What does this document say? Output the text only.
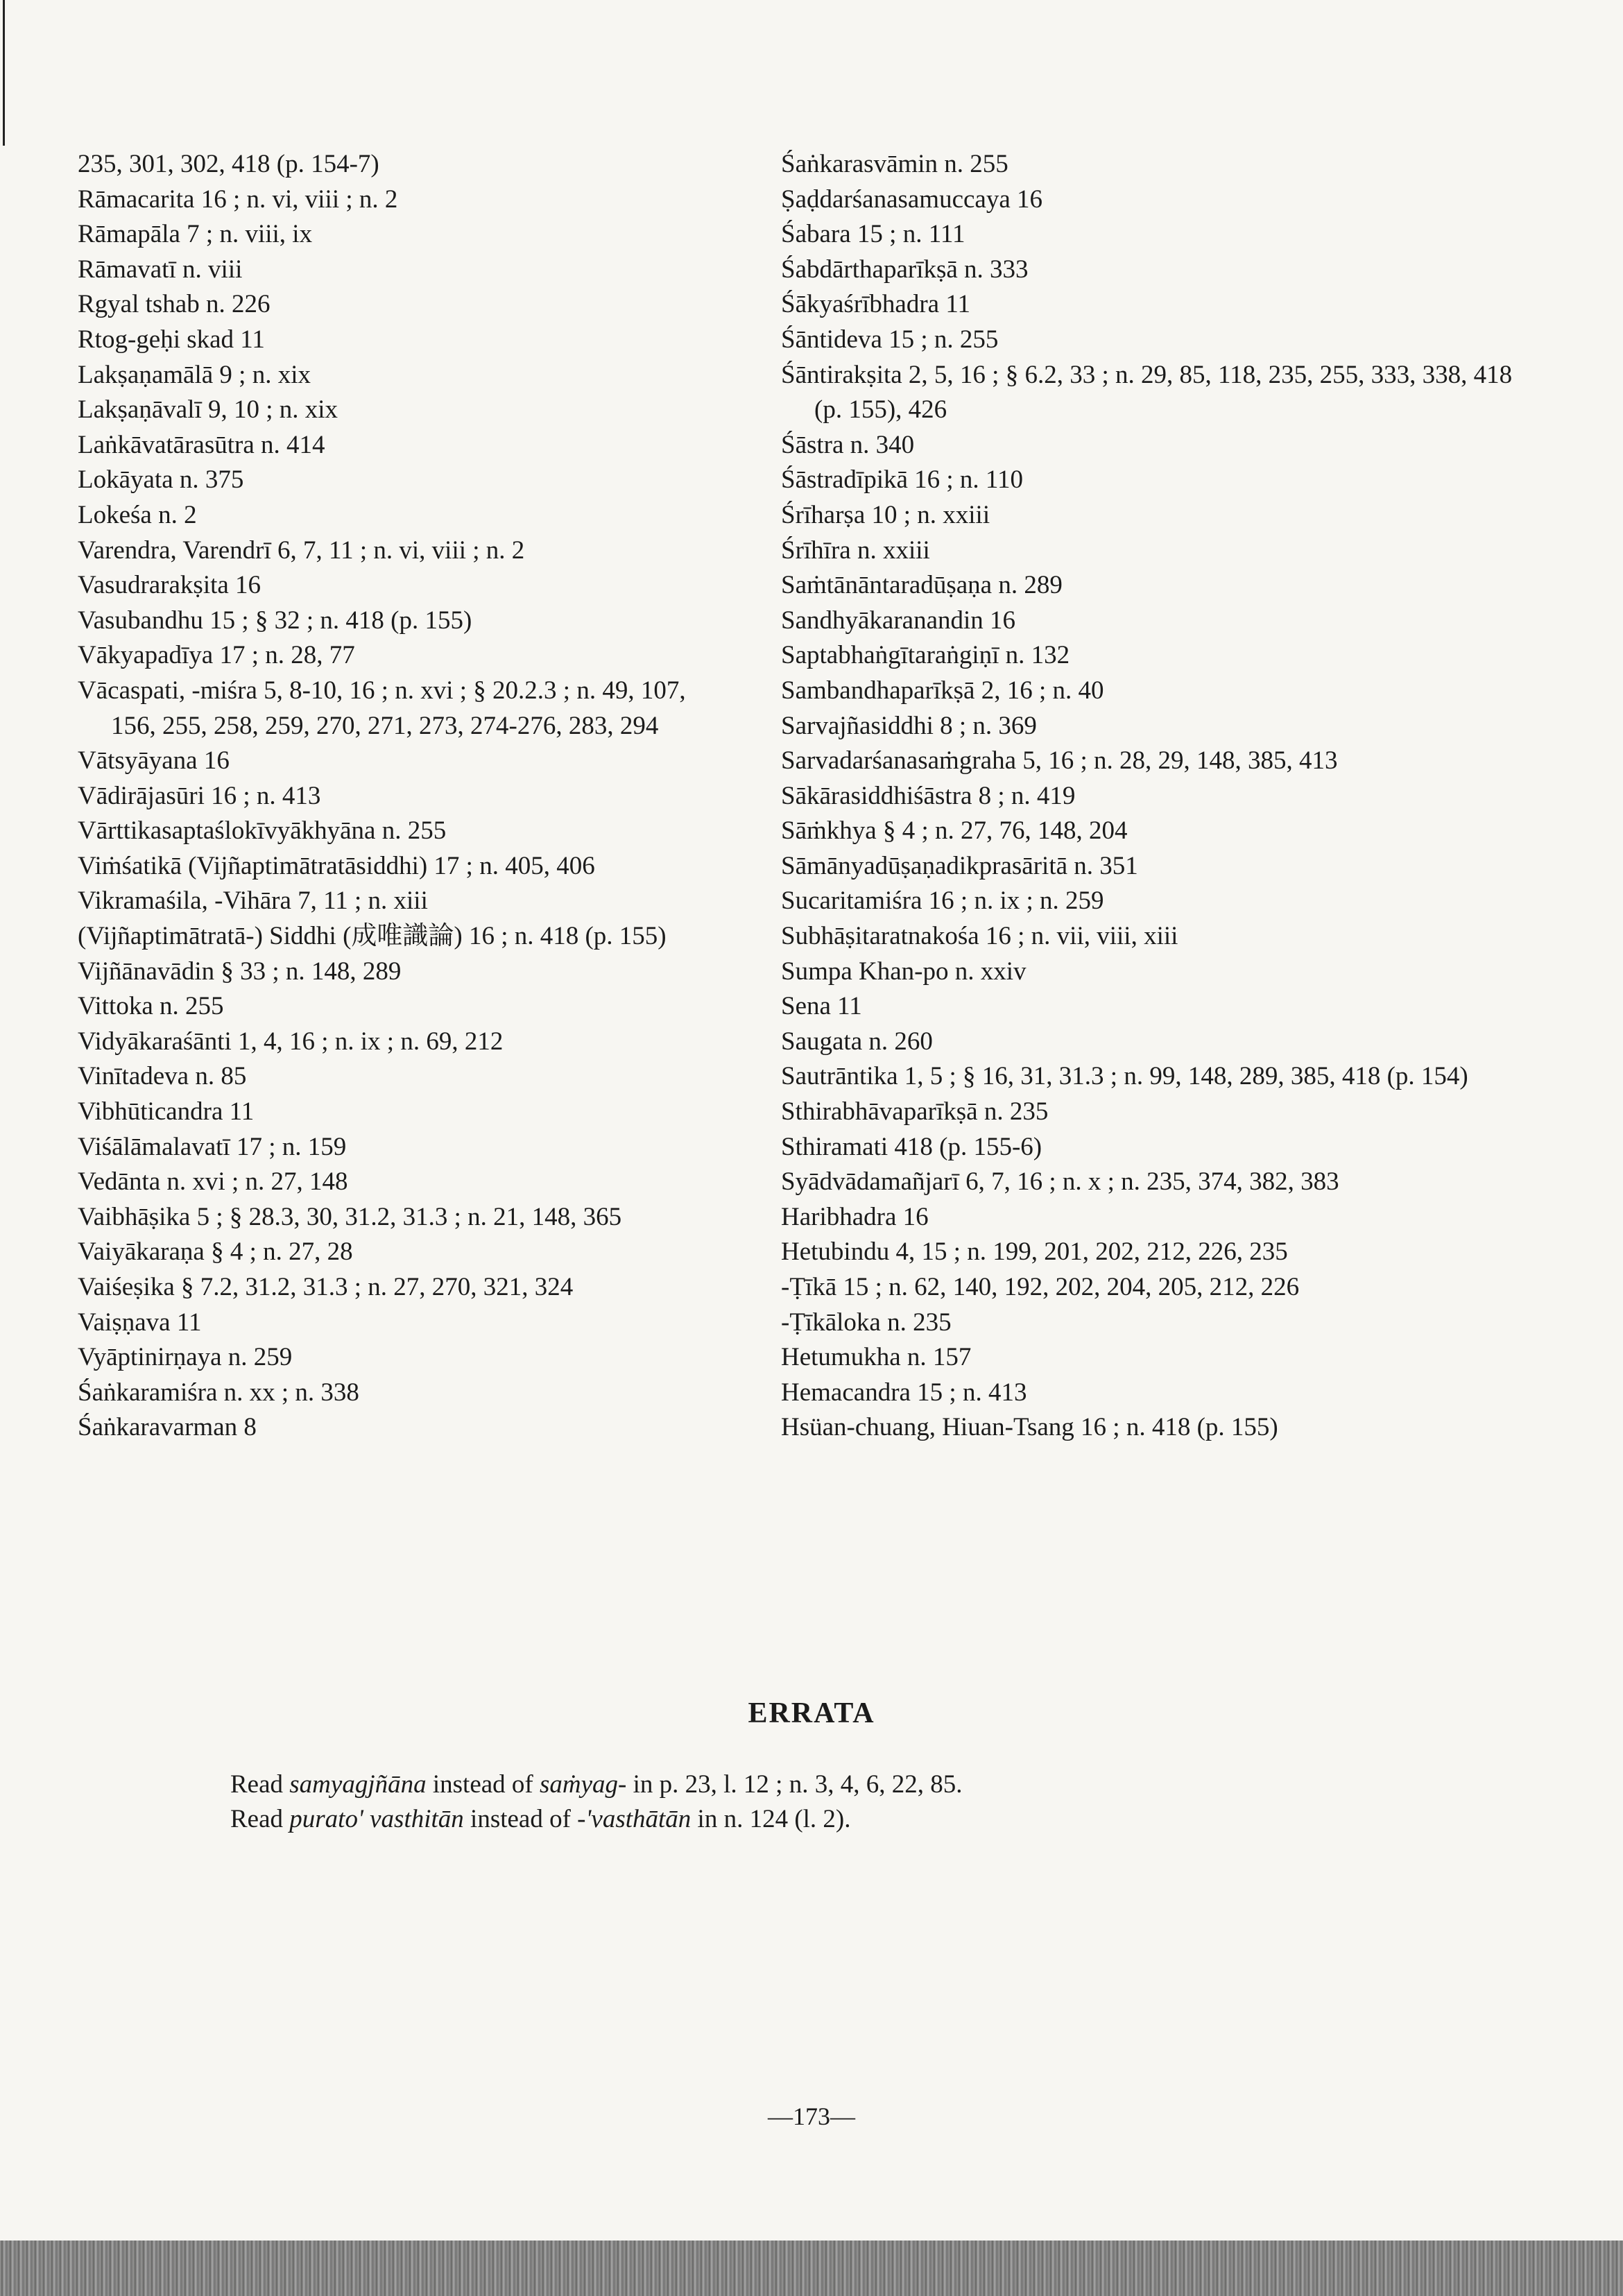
235, 301, 302, 418 (p. 154-7)
Rāmacarita 16 ; n. vi, viii ; n. 2
Rāmapāla 7 ; n. viii, ix
Rāmavatī n. viii
Rgyal tshab n. 226
Rtog-geḥi skad 11
Lakṣaṇamālā 9 ; n. xix
Lakṣaṇāvalī 9, 10 ; n. xix
Laṅkāvatārasūtra n. 414
Lokāyata n. 375
Lokeśa n. 2
Varendra, Varendrī 6, 7, 11 ; n. vi, viii ; n. 2
Vasudrarakṣita 16
Vasubandhu 15 ; § 32 ; n. 418 (p. 155)
Vākyapadīya 17 ; n. 28, 77
Vācaspati, -miśra 5, 8-10, 16 ; n. xvi ; § 20.2.3 ; n. 49, 107, 156, 255, 258, 259, 270, 271, 273, 274-276, 283, 294
Vātsyāyana 16
Vādirājasūri 16 ; n. 413
Vārttikasaptaślokīvyākhyāna n. 255
Viṁśatikā (Vijñaptimātratāsiddhi) 17 ; n. 405, 406
Vikramaśila, -Vihāra 7, 11 ; n. xiii
(Vijñaptimātratā-) Siddhi (成唯識論) 16 ; n. 418 (p. 155)
Vijñānavādin § 33 ; n. 148, 289
Vittoka n. 255
Vidyākaraśānti 1, 4, 16 ; n. ix ; n. 69, 212
Vinītadeva n. 85
Vibhūticandra 11
Viśālāmalavatī 17 ; n. 159
Vedānta n. xvi ; n. 27, 148
Vaibhāṣika 5 ; § 28.3, 30, 31.2, 31.3 ; n. 21, 148, 365
Vaiyākaraṇa § 4 ; n. 27, 28
Vaiśeṣika § 7.2, 31.2, 31.3 ; n. 27, 270, 321, 324
Vaiṣṇava 11
Vyāptinirṇaya n. 259
Śaṅkaramiśra n. xx ; n. 338
Śaṅkaravarman 8
Śaṅkarasvāmin n. 255
Ṣaḍdarśanasamuccaya 16
Śabara 15 ; n. 111
Śabdārthaparīkṣā n. 333
Śākyaśrībhadra 11
Śāntideva 15 ; n. 255
Śāntirakṣita 2, 5, 16 ; § 6.2, 33 ; n. 29, 85, 118, 235, 255, 333, 338, 418 (p. 155), 426
Śāstra n. 340
Śāstradīpikā 16 ; n. 110
Śrīharṣa 10 ; n. xxiii
Śrīhīra n. xxiii
Saṁtānāntaradūṣaṇa n. 289
Sandhyākaranandin 16
Saptabhaṅgītaraṅgiṇī n. 132
Sambandhaparīkṣā 2, 16 ; n. 40
Sarvajñasiddhi 8 ; n. 369
Sarvadarśanasaṁgraha 5, 16 ; n. 28, 29, 148, 385, 413
Sākārasiddhiśāstra 8 ; n. 419
Sāṁkhya § 4 ; n. 27, 76, 148, 204
Sāmānyadūṣaṇadikprasāritā n. 351
Sucaritamiśra 16 ; n. ix ; n. 259
Subhāṣitaratnakośa 16 ; n. vii, viii, xiii
Sumpa Khan-po n. xxiv
Sena 11
Saugata n. 260
Sautrāntika 1, 5 ; § 16, 31, 31.3 ; n. 99, 148, 289, 385, 418 (p. 154)
Sthirabhāvaparīkṣā n. 235
Sthiramati 418 (p. 155-6)
Syādvādamañjarī 6, 7, 16 ; n. x ; n. 235, 374, 382, 383
Haribhadra 16
Hetubindu 4, 15 ; n. 199, 201, 202, 212, 226, 235
-Ṭīkā 15 ; n. 62, 140, 192, 202, 204, 205, 212, 226
-Ṭīkāloka n. 235
Hetumukha n. 157
Hemacandra 15 ; n. 413
Hsüan-chuang, Hiuan-Tsang 16 ; n. 418 (p. 155)
ERRATA
Read samyagjñāna instead of saṁyag- in p. 23, l. 12 ; n. 3, 4, 6, 22, 85.
Read purato' vasthitān instead of -'vasthātān in n. 124 (l. 2).
—173—
